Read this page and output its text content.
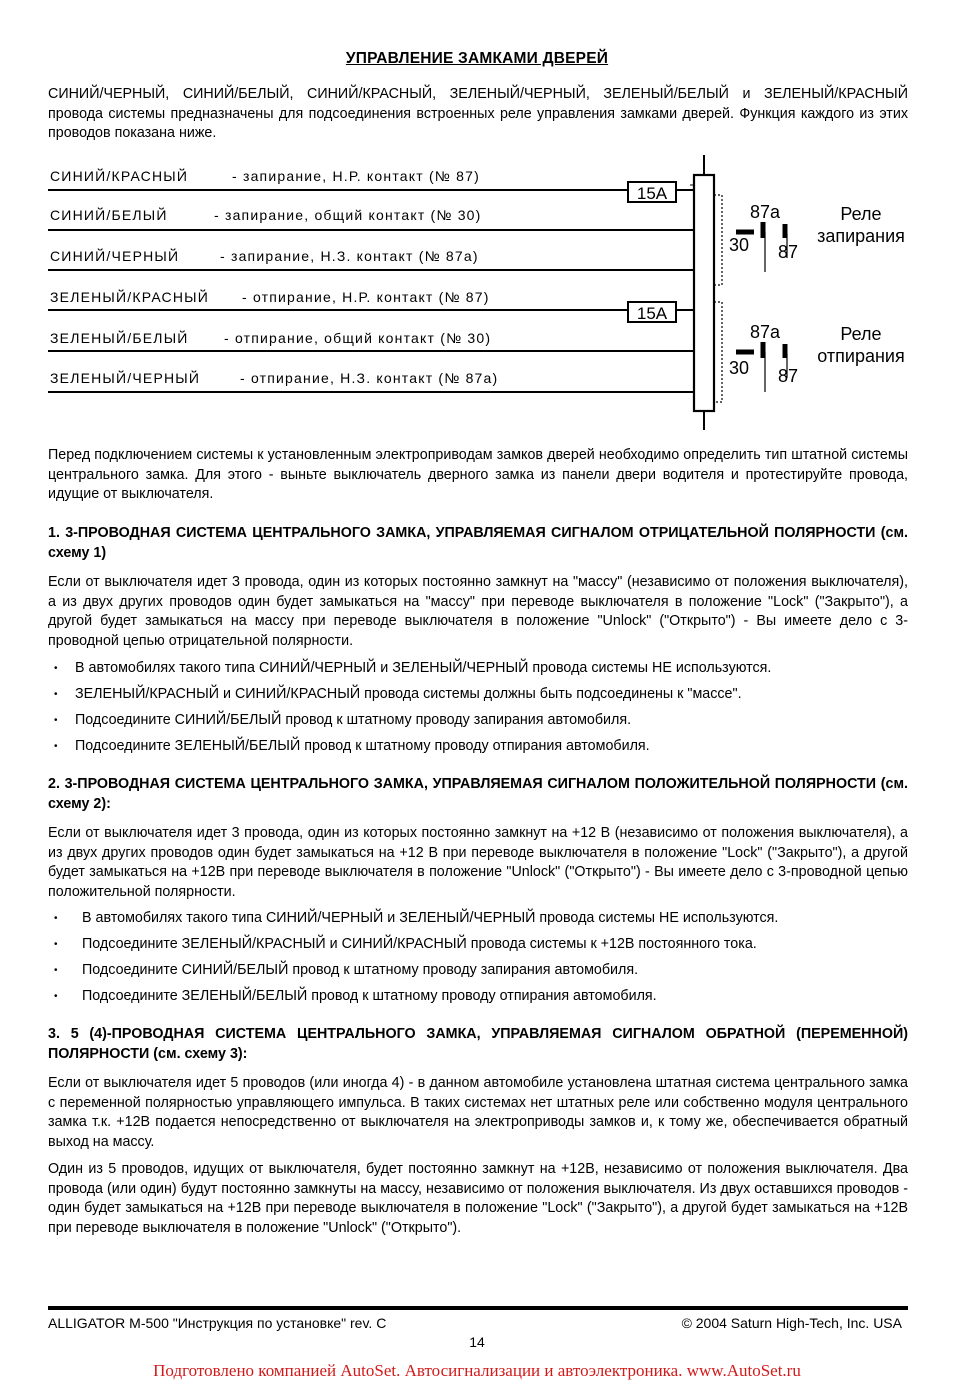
УПРАВЛЕНИЕ ЗАМКАМИ ДВЕРЕЙ
СИНИЙ/ЧЕРНЫЙ, СИНИЙ/БЕЛЫЙ, СИНИЙ/КРАСНЫЙ, ЗЕЛЕНЫЙ/ЧЕРНЫЙ, ЗЕЛЕНЫЙ/БЕЛЫЙ и ЗЕЛЕНЫЙ/КРАСНЫЙ провода системы предназначены для подсоединения встроенных реле управления замками дверей. Функция каждого из этих проводов показана ниже.
СИНИЙ/КРАСНЫЙ	- запирание, Н.Р. контакт (№ 87)
СИНИЙ/БЕЛЫЙ	- запирание, общий контакт (№ 30)
СИНИЙ/ЧЕРНЫЙ	- запирание, Н.З. контакт (№ 87а)
ЗЕЛЕНЫЙ/КРАСНЫЙ - отпирание, Н.Р. контакт (№ 87)
ЗЕЛЕНЫЙ/БЕЛЫЙ	- отпирание, общий контакт (№ 30)
ЗЕЛЕНЫЙ/ЧЕРНЫЙ	- отпирание, Н.З. контакт (№ 87а)
15А
15А
87а
30 87
Реле
запирания
87а
30 87
Реле
отпирания
Перед подключением системы к установленным электроприводам замков дверей необходимо определить тип штатной системы центрального замка. Для этого - выньте выключатель дверного замка из панели двери водителя и протестируйте провода, идущие от выключателя.
1. 3-ПРОВОДНАЯ СИСТЕМА ЦЕНТРАЛЬНОГО ЗАМКА, УПРАВЛЯЕМАЯ СИГНАЛОМ ОТРИЦАТЕЛЬНОЙ ПОЛЯРНОСТИ (см. схему 1)
Если от выключателя идет 3 провода, один из которых постоянно замкнут на "массу" (независимо от положения выключателя), а из двух других проводов один будет замыкаться на "массу" при переводе выключателя в положение "Lock" ("Закрыто"), а другой будет замыкаться на массу при переводе выключателя в положение "Unlock" ("Открыто") - Вы имеете дело с 3-проводной цепью отрицательной полярности.
• В автомобилях такого типа СИНИЙ/ЧЕРНЫЙ и ЗЕЛЕНЫЙ/ЧЕРНЫЙ провода системы НЕ используются.
• ЗЕЛЕНЫЙ/КРАСНЫЙ и СИНИЙ/КРАСНЫЙ провода системы должны быть подсоединены к "массе".
• Подсоедините СИНИЙ/БЕЛЫЙ провод к штатному проводу запирания автомобиля.
• Подсоедините ЗЕЛЕНЫЙ/БЕЛЫЙ провод к штатному проводу отпирания автомобиля.
2. 3-ПРОВОДНАЯ СИСТЕМА ЦЕНТРАЛЬНОГО ЗАМКА, УПРАВЛЯЕМАЯ СИГНАЛОМ ПОЛОЖИТЕЛЬНОЙ ПОЛЯРНОСТИ (см. схему 2):
Если от выключателя идет 3 провода, один из которых постоянно замкнут на +12 В (независимо от положения выключателя), а из двух других проводов один будет замыкаться на +12 В при переводе выключателя в положение "Lock" ("Закрыто"), а другой будет замыкаться на +12В при переводе выключателя в положение "Unlock" ("Открыто") - Вы имеете дело с 3-проводной цепью положительной полярности.
• В автомобилях такого типа СИНИЙ/ЧЕРНЫЙ и ЗЕЛЕНЫЙ/ЧЕРНЫЙ провода системы НЕ используются.
• Подсоедините ЗЕЛЕНЫЙ/КРАСНЫЙ и СИНИЙ/КРАСНЫЙ провода системы к +12В постоянного тока.
• Подсоедините СИНИЙ/БЕЛЫЙ провод к штатному проводу запирания автомобиля.
• Подсоедините ЗЕЛЕНЫЙ/БЕЛЫЙ провод к штатному проводу отпирания автомобиля.
3. 5 (4)-ПРОВОДНАЯ СИСТЕМА ЦЕНТРАЛЬНОГО ЗАМКА, УПРАВЛЯЕМАЯ СИГНАЛОМ ОБРАТНОЙ (ПЕРЕМЕННОЙ) ПОЛЯРНОСТИ (см. схему 3):
Если от выключателя идет 5 проводов (или иногда 4) - в данном автомобиле установлена штатная система центрального замка с переменной полярностью управляющего импульса. В таких системах нет штатных реле или собственно модуля центрального замка т.к. +12В подается непосредственно от выключателя на электроприводы замков и, к тому же, обеспечивается обратный выход на массу.
Один из 5 проводов, идущих от выключателя, будет постоянно замкнут на +12В, независимо от положения выключателя. Два провода (или один) будут постоянно замкнуты на массу, независимо от положения выключателя. Из двух оставшихся проводов - один будет замыкаться на +12В при переводе выключателя в положение "Lock" ("Закрыто"), а другой будет замыкаться на +12В при переводе выключателя в положение "Unlock" ("Открыто").
ALLIGATOR M-500 "Инструкция по установке" rev. C	© 2004 Saturn High-Tech, Inc. USA
14
Подготовлено компанией AutoSet. Автосигнализации и автоэлектроника. www.AutoSet.ru
